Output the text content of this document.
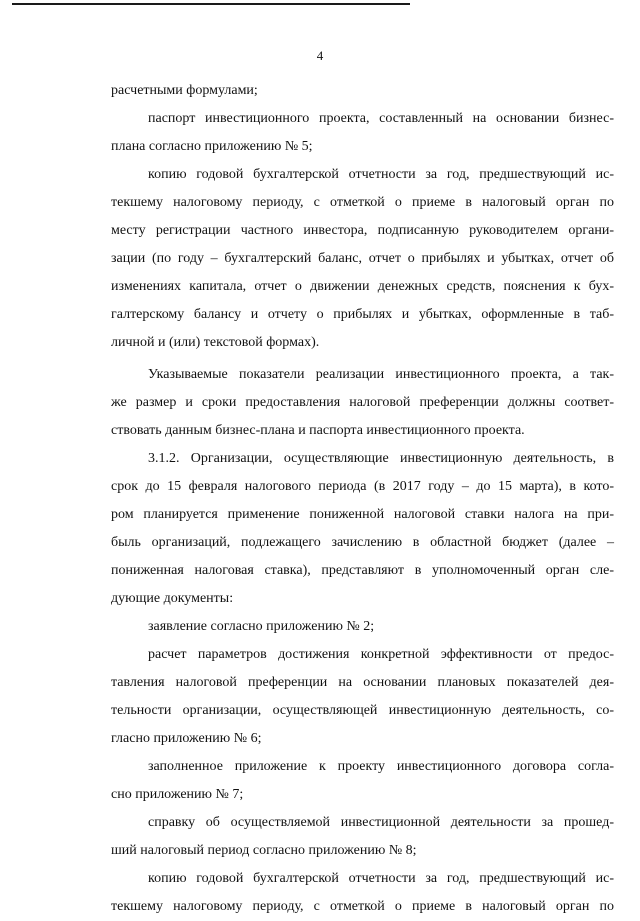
4
расчетными формулами;
паспорт инвестиционного проекта, составленный на основании бизнес-
плана согласно приложению № 5;
копию годовой бухгалтерской отчетности за год, предшествующий ис-
текшему налоговому периоду, с отметкой о приеме в налоговый орган по
месту регистрации частного инвестора, подписанную руководителем органи-
зации (по году – бухгалтерский баланс, отчет о прибылях и убытках, отчет об
изменениях капитала, отчет о движении денежных средств, пояснения к бух-
галтерскому балансу и отчету о прибылях и убытках, оформленные в таб-
личной и (или) текстовой формах).
Указываемые показатели реализации инвестиционного проекта, а так-
же размер и сроки предоставления налоговой преференции должны соответ-
ствовать данным бизнес-плана и паспорта инвестиционного проекта.
3.1.2. Организации, осуществляющие инвестиционную деятельность, в
срок до 15 февраля налогового периода (в 2017 году – до 15 марта), в кото-
ром планируется применение пониженной налоговой ставки налога на при-
быль организаций, подлежащего зачислению в областной бюджет (далее –
пониженная налоговая ставка), представляют в уполномоченный орган сле-
дующие документы:
заявление согласно приложению № 2;
расчет параметров достижения конкретной эффективности от предос-
тавления налоговой преференции на основании плановых показателей дея-
тельности организации, осуществляющей инвестиционную деятельность, со-
гласно приложению № 6;
заполненное приложение к проекту инвестиционного договора согла-
сно приложению № 7;
справку об осуществляемой инвестиционной деятельности за прошед-
ший налоговый период согласно приложению № 8;
копию годовой бухгалтерской отчетности за год, предшествующий ис-
текшему налоговому периоду, с отметкой о приеме в налоговый орган по
